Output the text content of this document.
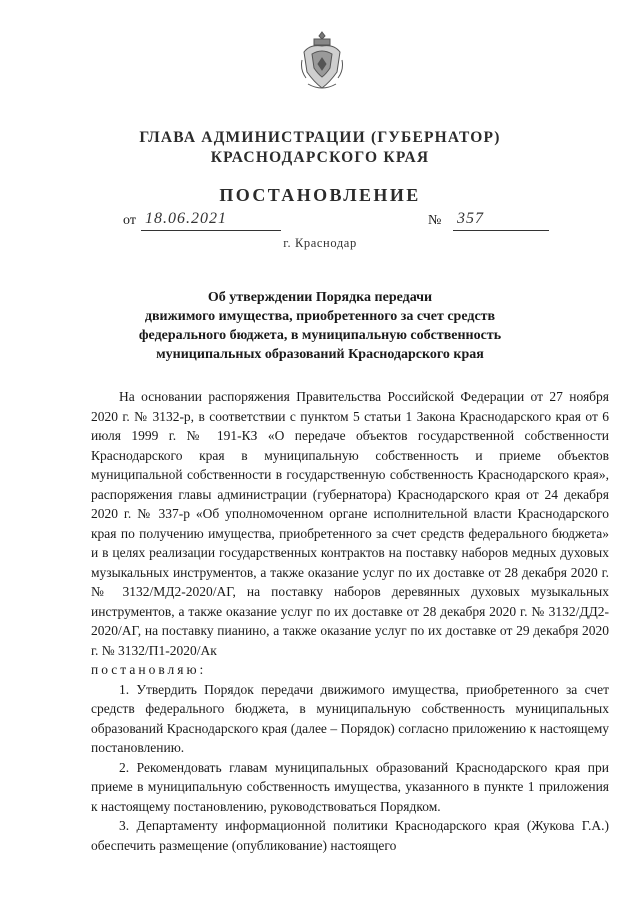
ГЛАВА АДМИНИСТРАЦИИ (ГУБЕРНАТОР)
КРАСНОДАРСКОГО КРАЯ
ПОСТАНОВЛЕНИЕ
от 18.06.2021	№ 357
г. Краснодар
Об утверждении Порядка передачи
движимого имущества, приобретенного за счет средств
федерального бюджета, в муниципальную собственность
муниципальных образований Краснодарского края

На основании распоряжения Правительства Российской Федерации от 27 ноября 2020 г. № 3132-р, в соответствии с пунктом 5 статьи 1 Закона Краснодарского края от 6 июля 1999 г. № 191-КЗ «О передаче объектов государственной собственности Краснодарского края в муниципальную собственность и приеме объектов муниципальной собственности в государственную собственность Краснодарского края», распоряжения главы администрации (губернатора) Краснодарского края от 24 декабря 2020 г. № 337-р «Об уполномоченном органе исполнительной власти Краснодарского края по получению имущества, приобретенного за счет средств федерального бюджета» и в целях реализации государственных контрактов на поставку наборов медных духовых музыкальных инструментов, а также оказание услуг по их доставке от 28 декабря 2020 г. № 3132/МД2-2020/АГ, на поставку наборов деревянных духовых музыкальных инструментов, а также оказание услуг по их доставке от 28 декабря 2020 г. № 3132/ДД2-2020/АГ, на поставку пианино, а также оказание услуг по их доставке от 29 декабря 2020 г. № 3132/П1-2020/Ак

постановляю:

1. Утвердить Порядок передачи движимого имущества, приобретенного за счет средств федерального бюджета, в муниципальную собственность муниципальных образований Краснодарского края (далее – Порядок) согласно приложению к настоящему постановлению.

2. Рекомендовать главам муниципальных образований Краснодарского края при приеме в муниципальную собственность имущества, указанного в пункте 1 приложения к настоящему постановлению, руководствоваться Порядком.

3. Департаменту информационной политики Краснодарского края (Жукова Г.А.) обеспечить размещение (опубликование) настоящего
